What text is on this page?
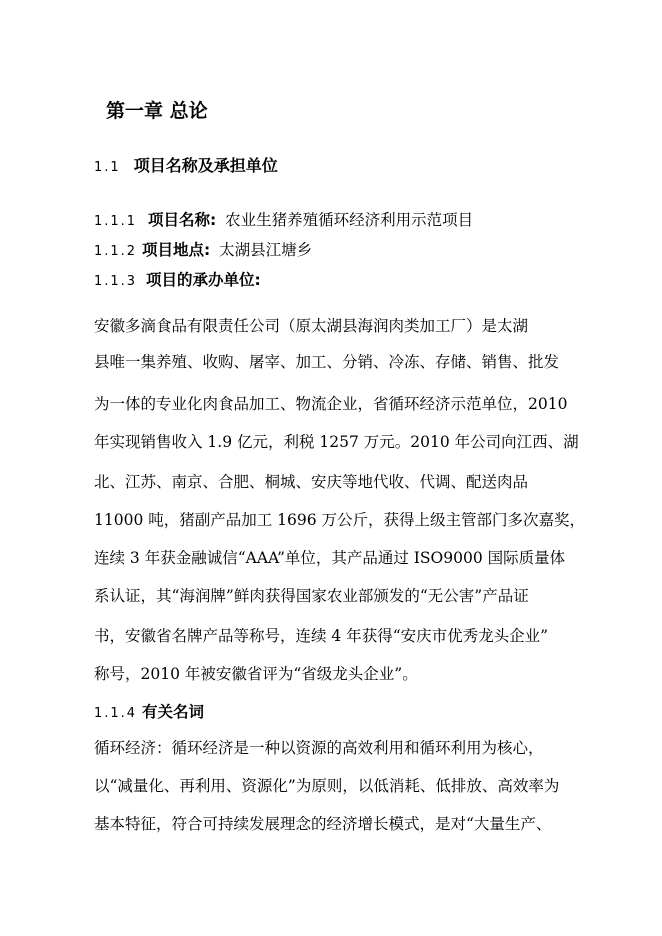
第一章 总论
1.1 项目名称及承担单位
1.1.1 项目名称: 农业生猪养殖循环经济利用示范项目
1.1.2 项目地点: 太湖县江塘乡
1.1.3 项目的承办单位:
安徽多滴食品有限责任公司（原太湖县海润肉类加工厂）是太湖
县唯一集养殖、收购、屠宰、加工、分销、冷冻、存储、销售、批发
为一体的专业化肉食品加工、物流企业，省循环经济示范单位，2010
年实现销售收入 1.9 亿元，利税 1257 万元。2010 年公司向江西、湖
北、江苏、南京、合肥、桐城、安庆等地代收、代调、配送肉品
11000 吨，猪副产品加工 1696 万公斤，获得上级主管部门多次嘉奖，
连续 3 年获金融诚信“AAA”单位，其产品通过 ISO9000 国际质量体
系认证，其“海润牌”鲜肉获得国家农业部颁发的“无公害”产品证
书，安徽省名牌产品等称号，连续 4 年获得“安庆市优秀龙头企业”
称号，2010 年被安徽省评为“省级龙头企业”。
1.1.4 有关名词
循环经济：循环经济是一种以资源的高效利用和循环利用为核心，
以“减量化、再利用、资源化”为原则，以低消耗、低排放、高效率为
基本特征，符合可持续发展理念的经济增长模式，是对“大量生产、
